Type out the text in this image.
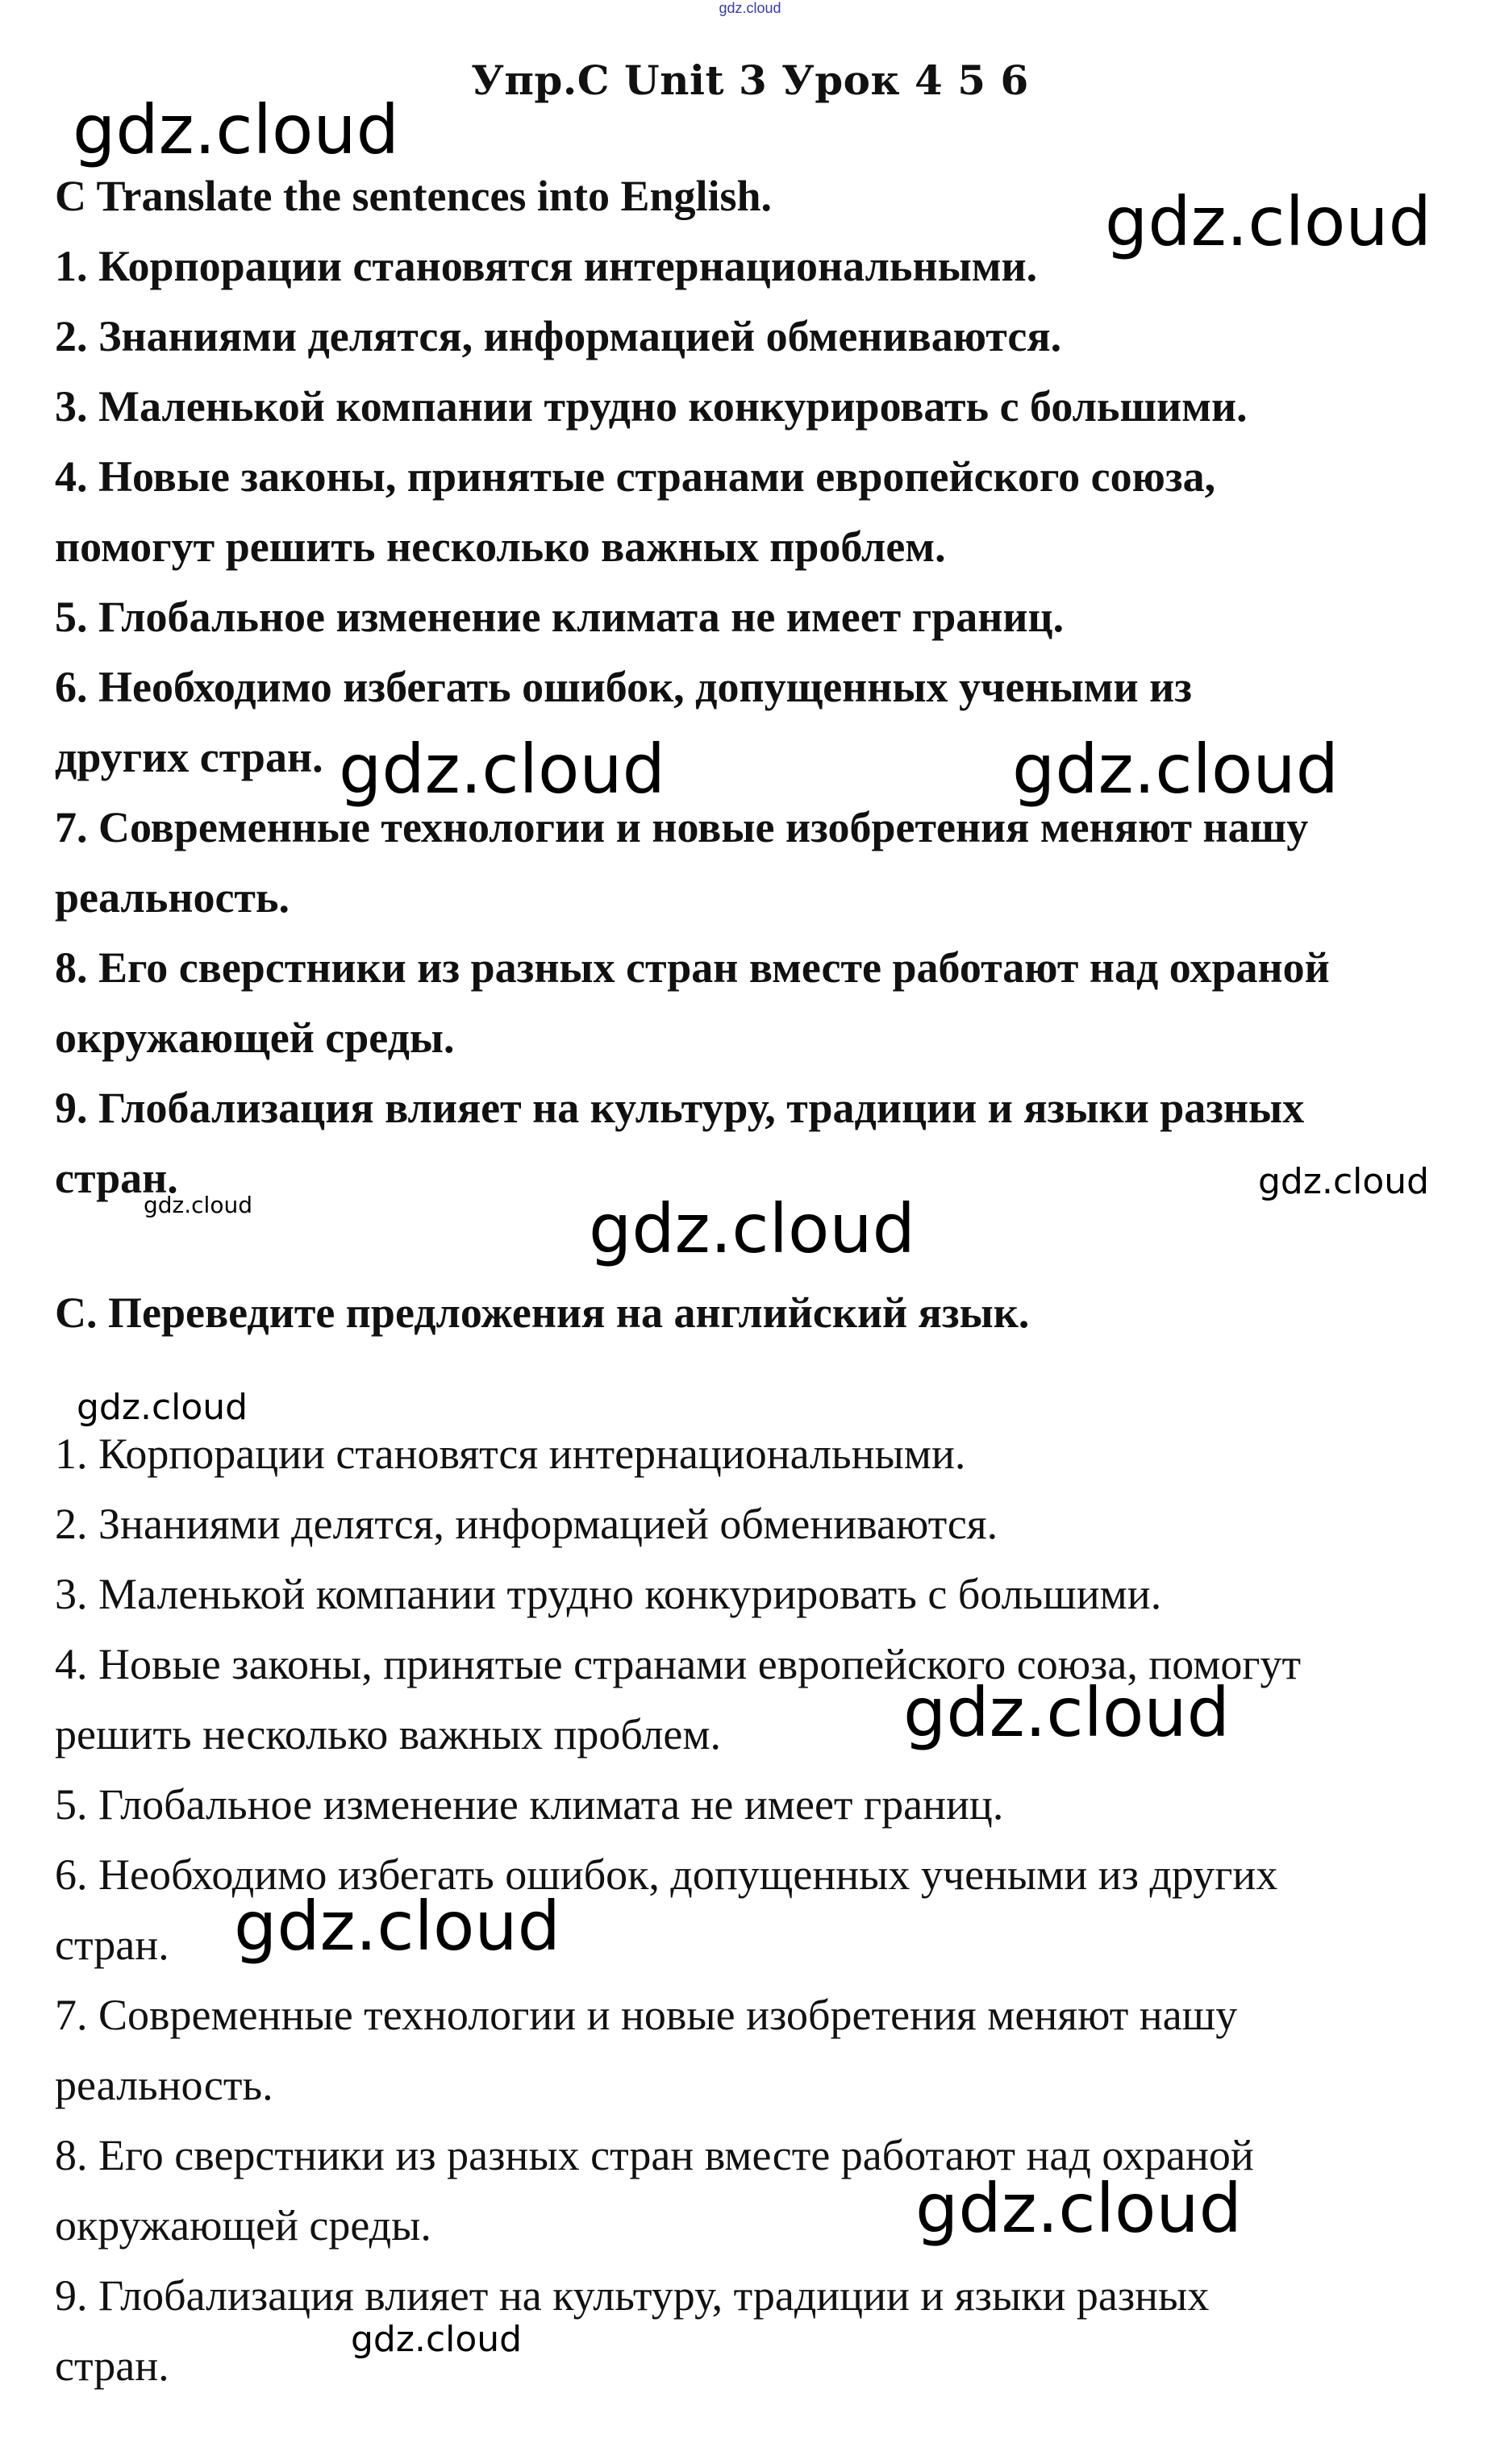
gdz.cloud
Упр.C Unit 3 Урок 4 5 6
C Translate the sentences into English.
1. Корпорации становятся интернациональными.
2. Знаниями делятся, информацией обмениваются.
3. Маленькой компании трудно конкурировать с большими.
4. Новые законы, принятые странами европейского союза,
помогут решить несколько важных проблем.
5. Глобальное изменение климата не имеет границ.
6. Необходимо избегать ошибок, допущенных учеными из
других стран.
7. Современные технологии и новые изобретения меняют нашу
реальность.
8. Его сверстники из разных стран вместе работают над охраной
окружающей среды.
9. Глобализация влияет на культуру, традиции и языки разных
стран.
С. Переведите предложения на английский язык.
1. Корпорации становятся интернациональными.
2. Знаниями делятся, информацией обмениваются.
3. Маленькой компании трудно конкурировать с большими.
4. Новые законы, принятые странами европейского союза, помогут
решить несколько важных проблем.
5. Глобальное изменение климата не имеет границ.
6. Необходимо избегать ошибок, допущенных учеными из других
стран.
7. Современные технологии и новые изобретения меняют нашу
реальность.
8. Его сверстники из разных стран вместе работают над охраной
окружающей среды.
9. Глобализация влияет на культуру, традиции и языки разных
стран.
gdz.cloud
gdz.cloud
gdz.cloud	gdz.cloud
gdz.cloud
gdz.cloud	gdz.cloud
gdz.cloud
gdz.cloud
gdz.cloud
gdz.cloud
gdz.cloud
